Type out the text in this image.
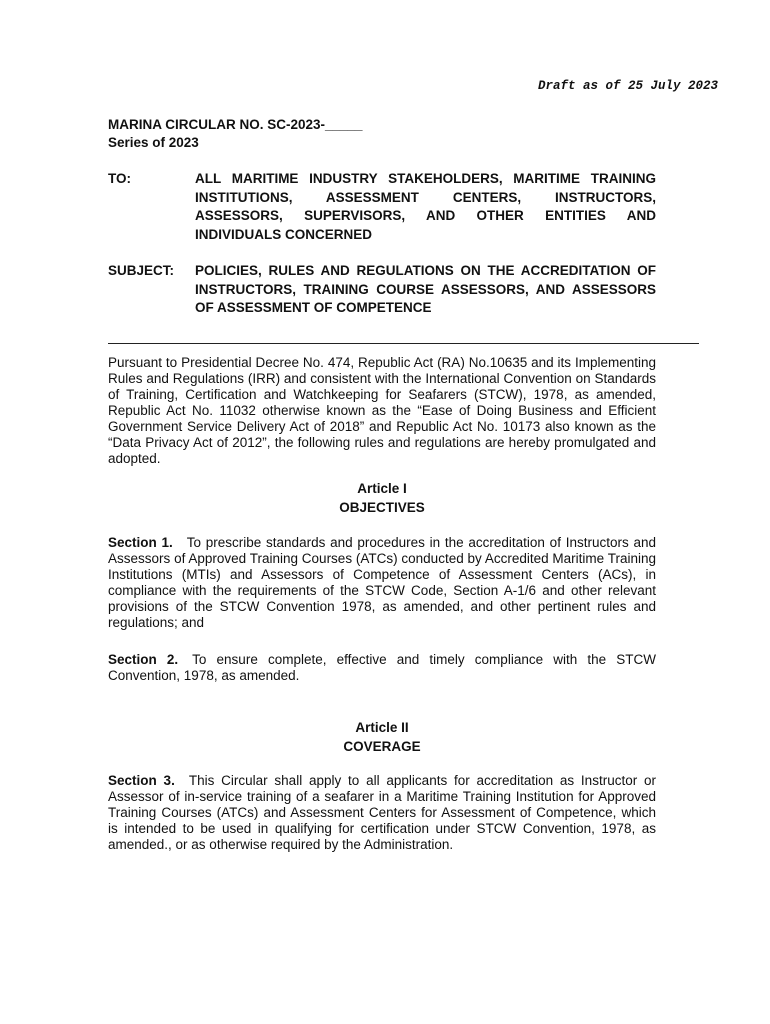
Draft as of 25 July 2023
MARINA CIRCULAR NO. SC-2023-_____
Series of 2023
TO:	ALL MARITIME INDUSTRY STAKEHOLDERS, MARITIME TRAINING INSTITUTIONS, ASSESSMENT CENTERS, INSTRUCTORS, ASSESSORS, SUPERVISORS, AND OTHER ENTITIES AND INDIVIDUALS CONCERNED
SUBJECT: POLICIES, RULES AND REGULATIONS ON THE ACCREDITATION OF INSTRUCTORS, TRAINING COURSE ASSESSORS, AND ASSESSORS OF ASSESSMENT OF COMPETENCE
Pursuant to Presidential Decree No. 474, Republic Act (RA) No.10635 and its Implementing Rules and Regulations (IRR) and consistent with the International Convention on Standards of Training, Certification and Watchkeeping for Seafarers (STCW), 1978, as amended, Republic Act No. 11032 otherwise known as the “Ease of Doing Business and Efficient Government Service Delivery Act of 2018” and Republic Act No. 10173 also known as the “Data Privacy Act of 2012”, the following rules and regulations are hereby promulgated and adopted.
Article I
OBJECTIVES
Section 1. To prescribe standards and procedures in the accreditation of Instructors and Assessors of Approved Training Courses (ATCs) conducted by Accredited Maritime Training Institutions (MTIs) and Assessors of Competence of Assessment Centers (ACs), in compliance with the requirements of the STCW Code, Section A-1/6 and other relevant provisions of the STCW Convention 1978, as amended, and other pertinent rules and regulations; and
Section 2. To ensure complete, effective and timely compliance with the STCW Convention, 1978, as amended.
Article II
COVERAGE
Section 3. This Circular shall apply to all applicants for accreditation as Instructor or Assessor of in-service training of a seafarer in a Maritime Training Institution for Approved Training Courses (ATCs) and Assessment Centers for Assessment of Competence, which is intended to be used in qualifying for certification under STCW Convention, 1978, as amended., or as otherwise required by the Administration.
